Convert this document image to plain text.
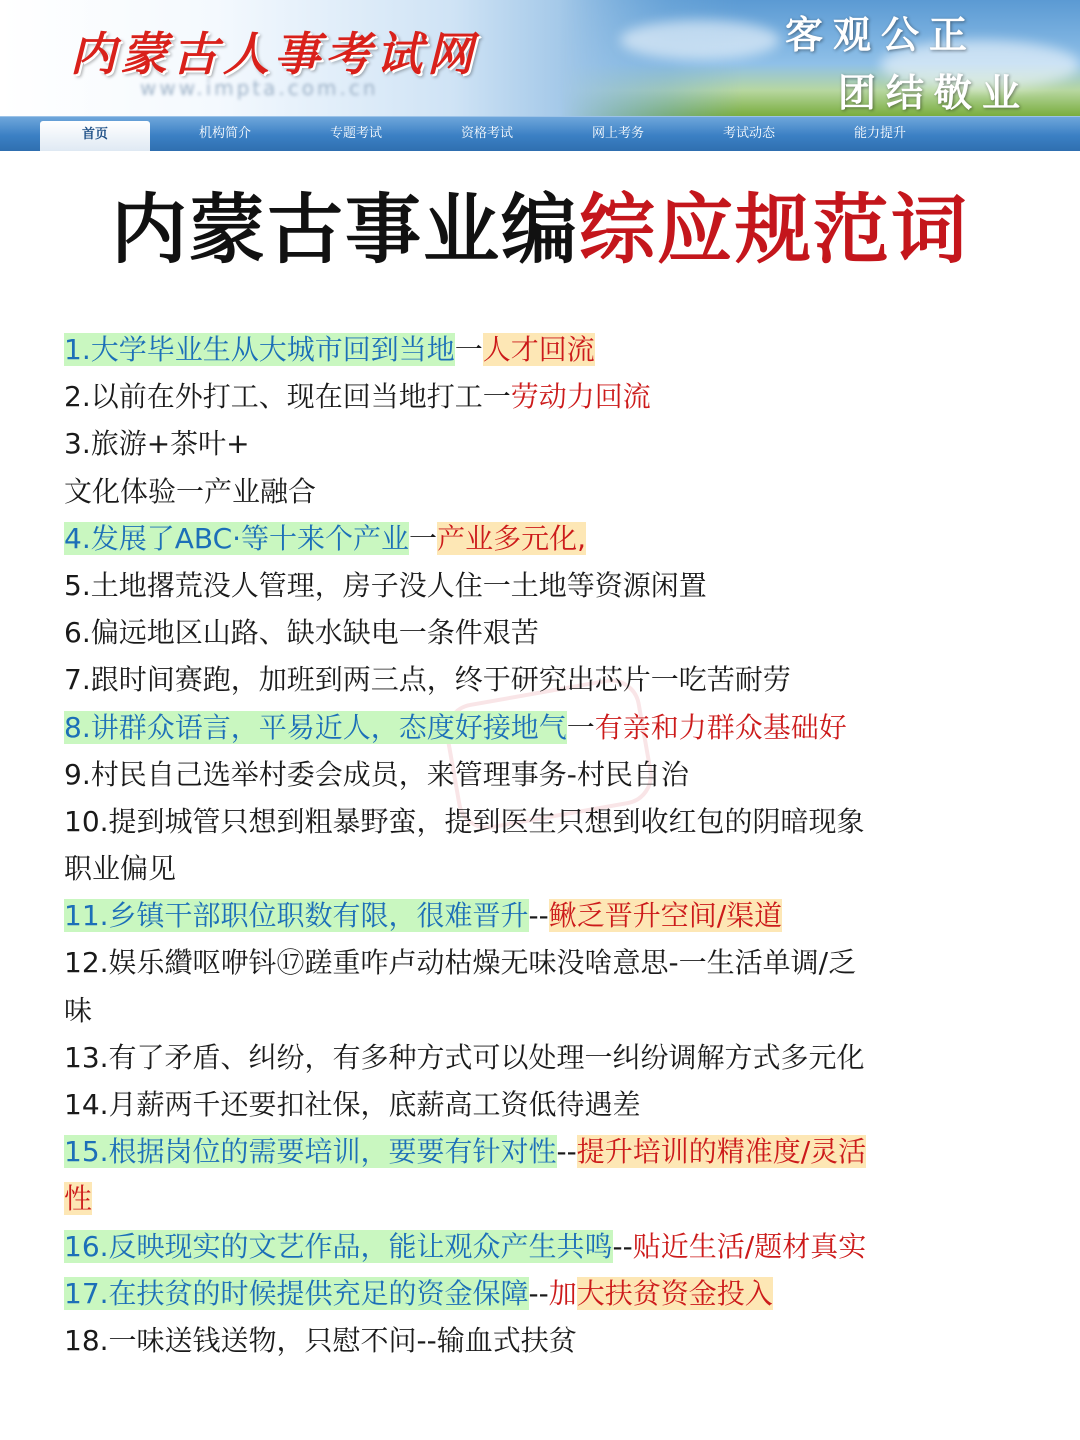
内蒙古人事考试网
www.impta.com.cn
客观公正
团结敬业
首页	机构简介	专题考试	资格考试	网上考务	考试动态	能力提升
内蒙古事业编综应规范词
1.大学毕业生从大城市回到当地一人才回流
2.以前在外打工、现在回当地打工一劳动力回流
3.旅游+茶叶+
文化体验一产业融合
4.发展了ABC·等十来个产业一产业多元化,
5.土地撂荒没人管理，房子没人住一土地等资源闲置
6.偏远地区山路、缺水缺电一条件艰苦
7.跟时间赛跑，加班到两三点，终于研究出芯片一吃苦耐劳
8.讲群众语言，平易近人，态度好接地气一有亲和力群众基础好
9.村民自己选举村委会成员，来管理事务-村民自治
10.提到城管只想到粗暴野蛮，提到医生只想到收红包的阴暗现象
职业偏见
11.乡镇干部职位职数有限，很难晋升--鳅乏晋升空间/渠道
12.娱乐纘呕咿钭⑰蹉重咋卢动枯燥无味没啥意思-一生活单调/乏
味
13.有了矛盾、纠纷，有多种方式可以处理一纠纷调解方式多元化
14.月薪两千还要扣社保，底薪高工资低待遇差
15.根据岗位的需要培训，要要有针对性--提升培训的精准度/灵活
性
16.反映现实的文艺作品，能让观众产生共鸣--贴近生活/题材真实
17.在扶贫的时候提供充足的资金保障--加大扶贫资金投入
18.一味送钱送物，只慰不问--输血式扶贫
